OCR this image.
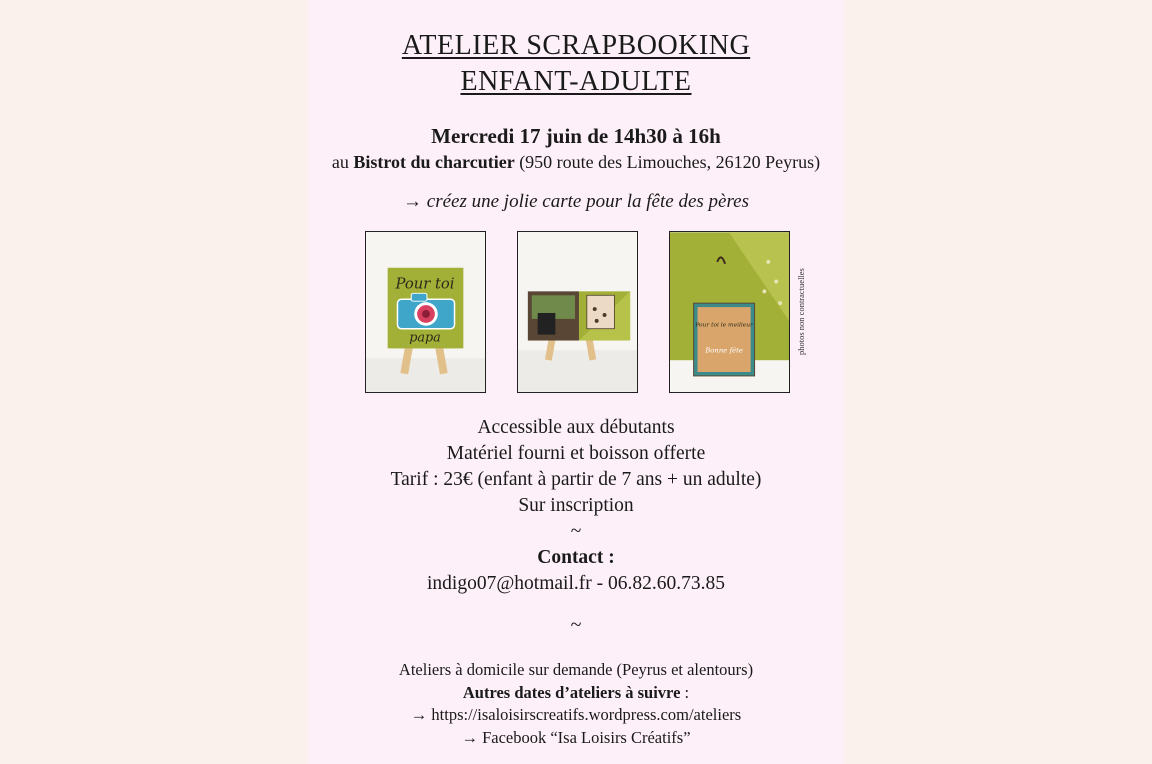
ATELIER SCRAPBOOKING
ENFANT-ADULTE
Mercredi 17 juin de 14h30 à 16h
au Bistrot du charcutier (950 route des Limouches, 26120 Peyrus)
→ créez une jolie carte pour la fête des pères
Pour toi
papa
Pour toi le meilleur
Bonne fête	photos non contractuelles
Accessible aux débutants
Matériel fourni et boisson offerte
Tarif : 23€ (enfant à partir de 7 ans + un adulte)
Sur inscription
~
Contact :
indigo07@hotmail.fr - 06.82.60.73.85
~
Ateliers à domicile sur demande (Peyrus et alentours)
Autres dates d’ateliers à suivre :
→ https://isaloisirscreatifs.wordpress.com/ateliers
→ Facebook “Isa Loisirs Créatifs”
